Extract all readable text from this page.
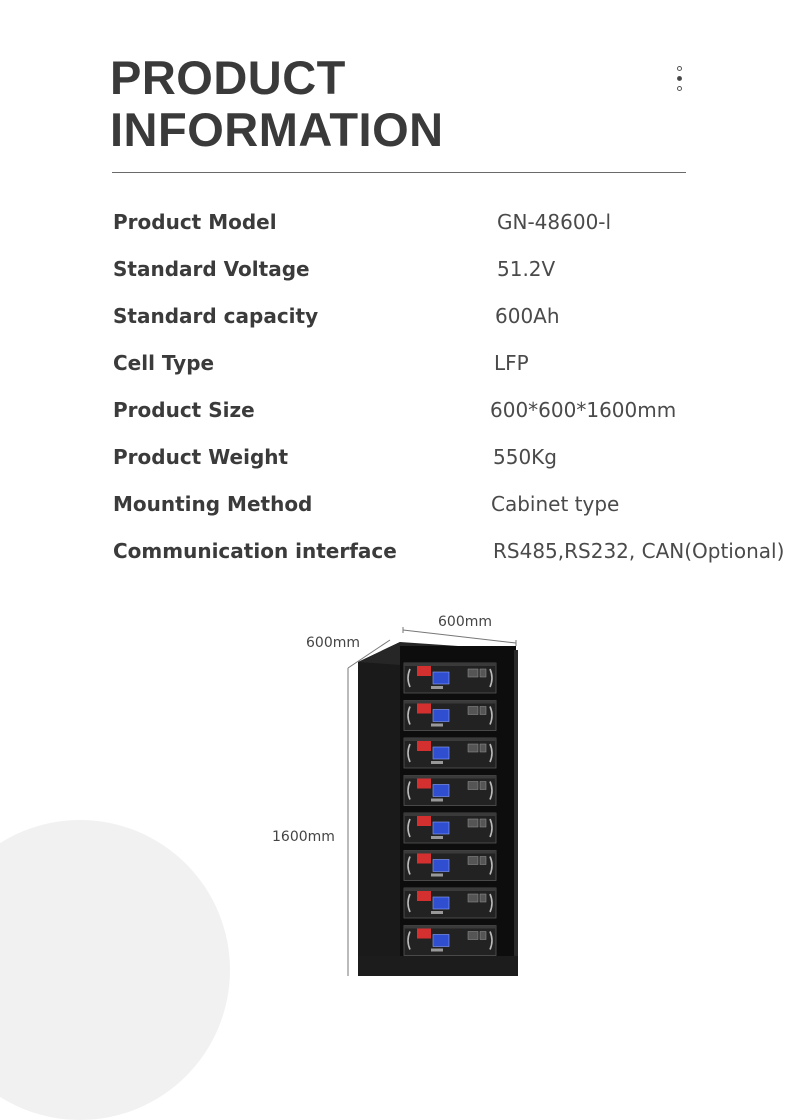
PRODUCT
INFORMATION
Product Model	GN-48600-l
Standard Voltage	51.2V
Standard capacity	600Ah
Cell Type	LFP
Product Size	600*600*1600mm
Product Weight	550Kg
Mounting Method	Cabinet type
Communication interface	RS485,RS232, CAN(Optional)
600mm
600mm
1600mm
